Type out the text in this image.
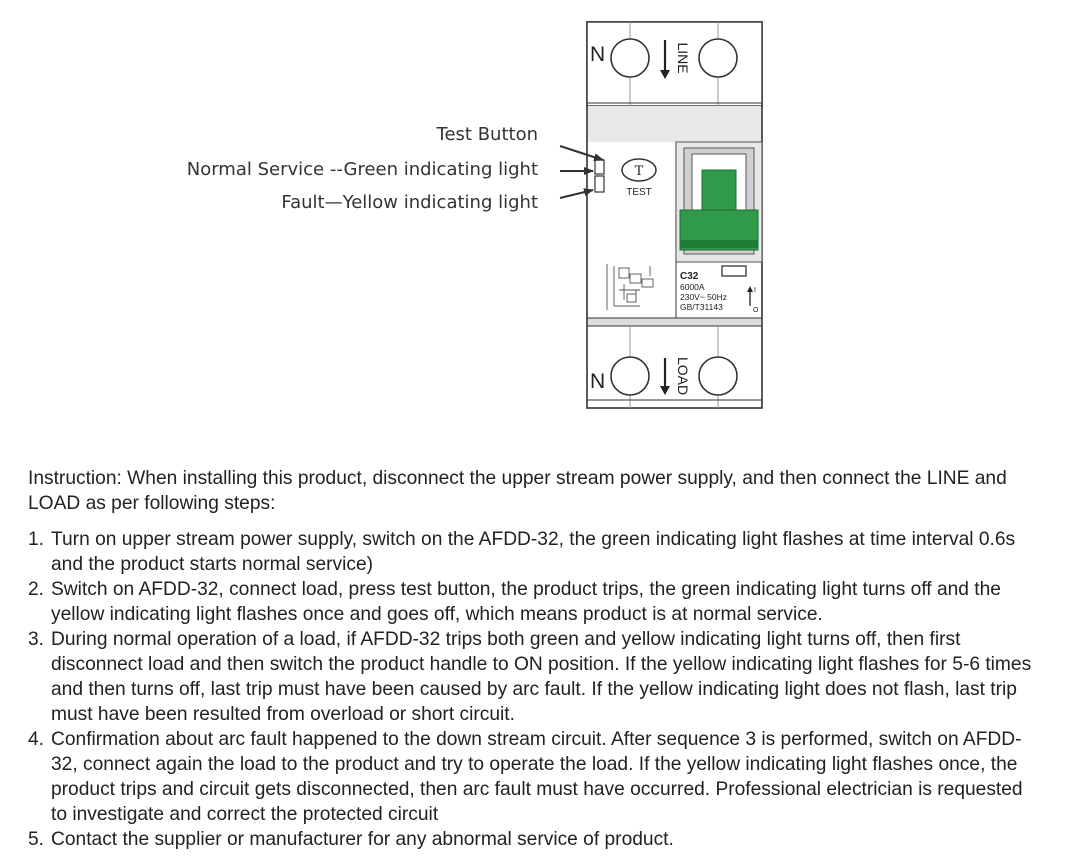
N	LINE
T
TEST
C32
6000A
230V~ 50Hz
GB/T31143
I
O
N	LOAD
Test Button
Normal Service --Green indicating light
Fault—Yellow indicating light

Instruction: When installing this product, disconnect the upper stream power supply, and then connect the LINE and LOAD as per following steps:

1. Turn on upper stream power supply, switch on the AFDD-32, the green indicating light flashes at time interval 0.6s and the product starts normal service)
2. Switch on AFDD-32, connect load, press test button, the product trips, the green indicating light turns off and the yellow indicating light flashes once and goes off, which means product is at normal service.
3. During normal operation of a load, if AFDD-32 trips both green and yellow indicating light turns off, then first disconnect load and then switch the product handle to ON position. If the yellow indicating light flashes for 5-6 times and then turns off, last trip must have been caused by arc fault. If the yellow indicating light does not flash, last trip must have been resulted from overload or short circuit.
4. Confirmation about arc fault happened to the down stream circuit. After sequence 3 is performed, switch on AFDD-32, connect again the load to the product and try to operate the load. If the yellow indicating light flashes once, the product trips and circuit gets disconnected, then arc fault must have occurred. Professional electrician is requested to investigate and correct the protected circuit
5. Contact the supplier or manufacturer for any abnormal service of product.
